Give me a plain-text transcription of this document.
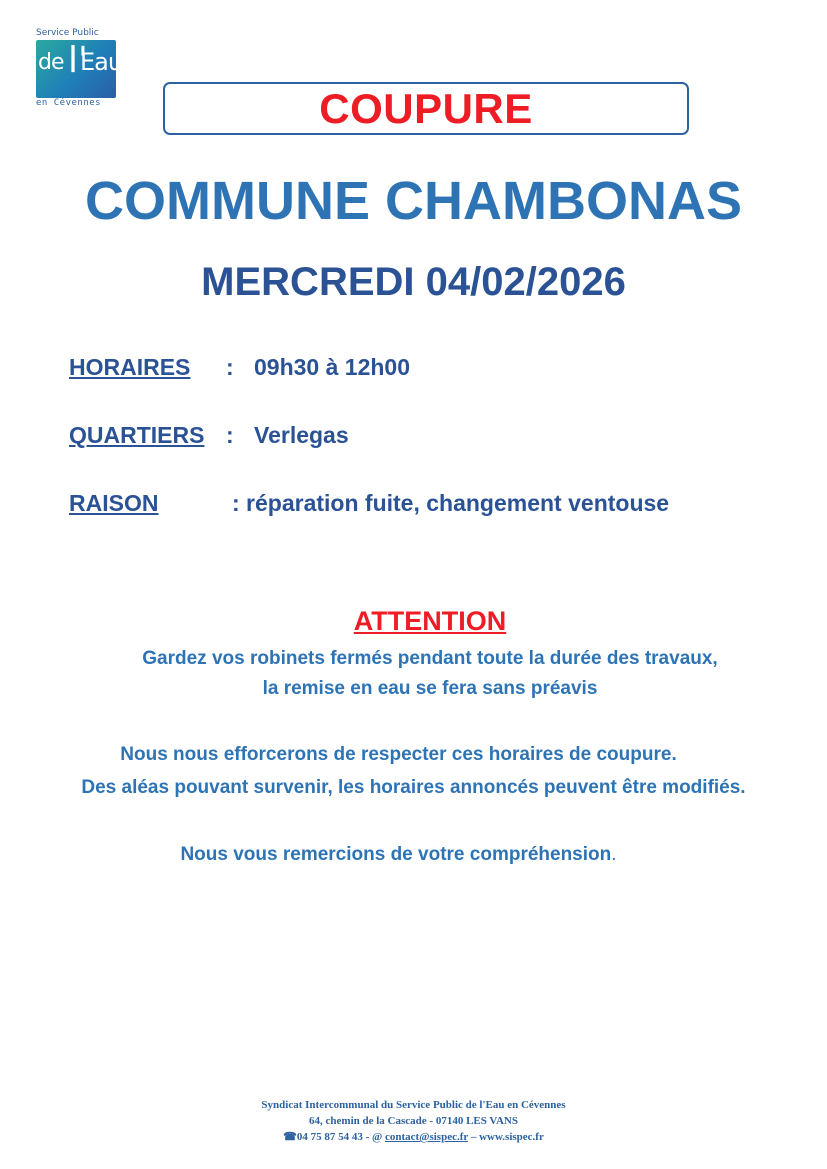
Service Public
de l'
Eau
en Cévennes	COUPURE
COMMUNE CHAMBONAS
MERCREDI 04/02/2026
HORAIRES : 09h30 à 12h00
QUARTIERS : Verlegas
RAISON	: réparation fuite, changement ventouse
ATTENTION
Gardez vos robinets fermés pendant toute la durée des travaux,
la remise en eau se fera sans préavis
Nous nous efforcerons de respecter ces horaires de coupure.
Des aléas pouvant survenir, les horaires annoncés peuvent être modifiés.
Nous vous remercions de votre compréhension.
Syndicat Intercommunal du Service Public de l'Eau en Cévennes
64, chemin de la Cascade - 07140 LES VANS
☎04 75 87 54 43 - @ contact@sispec.fr – www.sispec.fr
